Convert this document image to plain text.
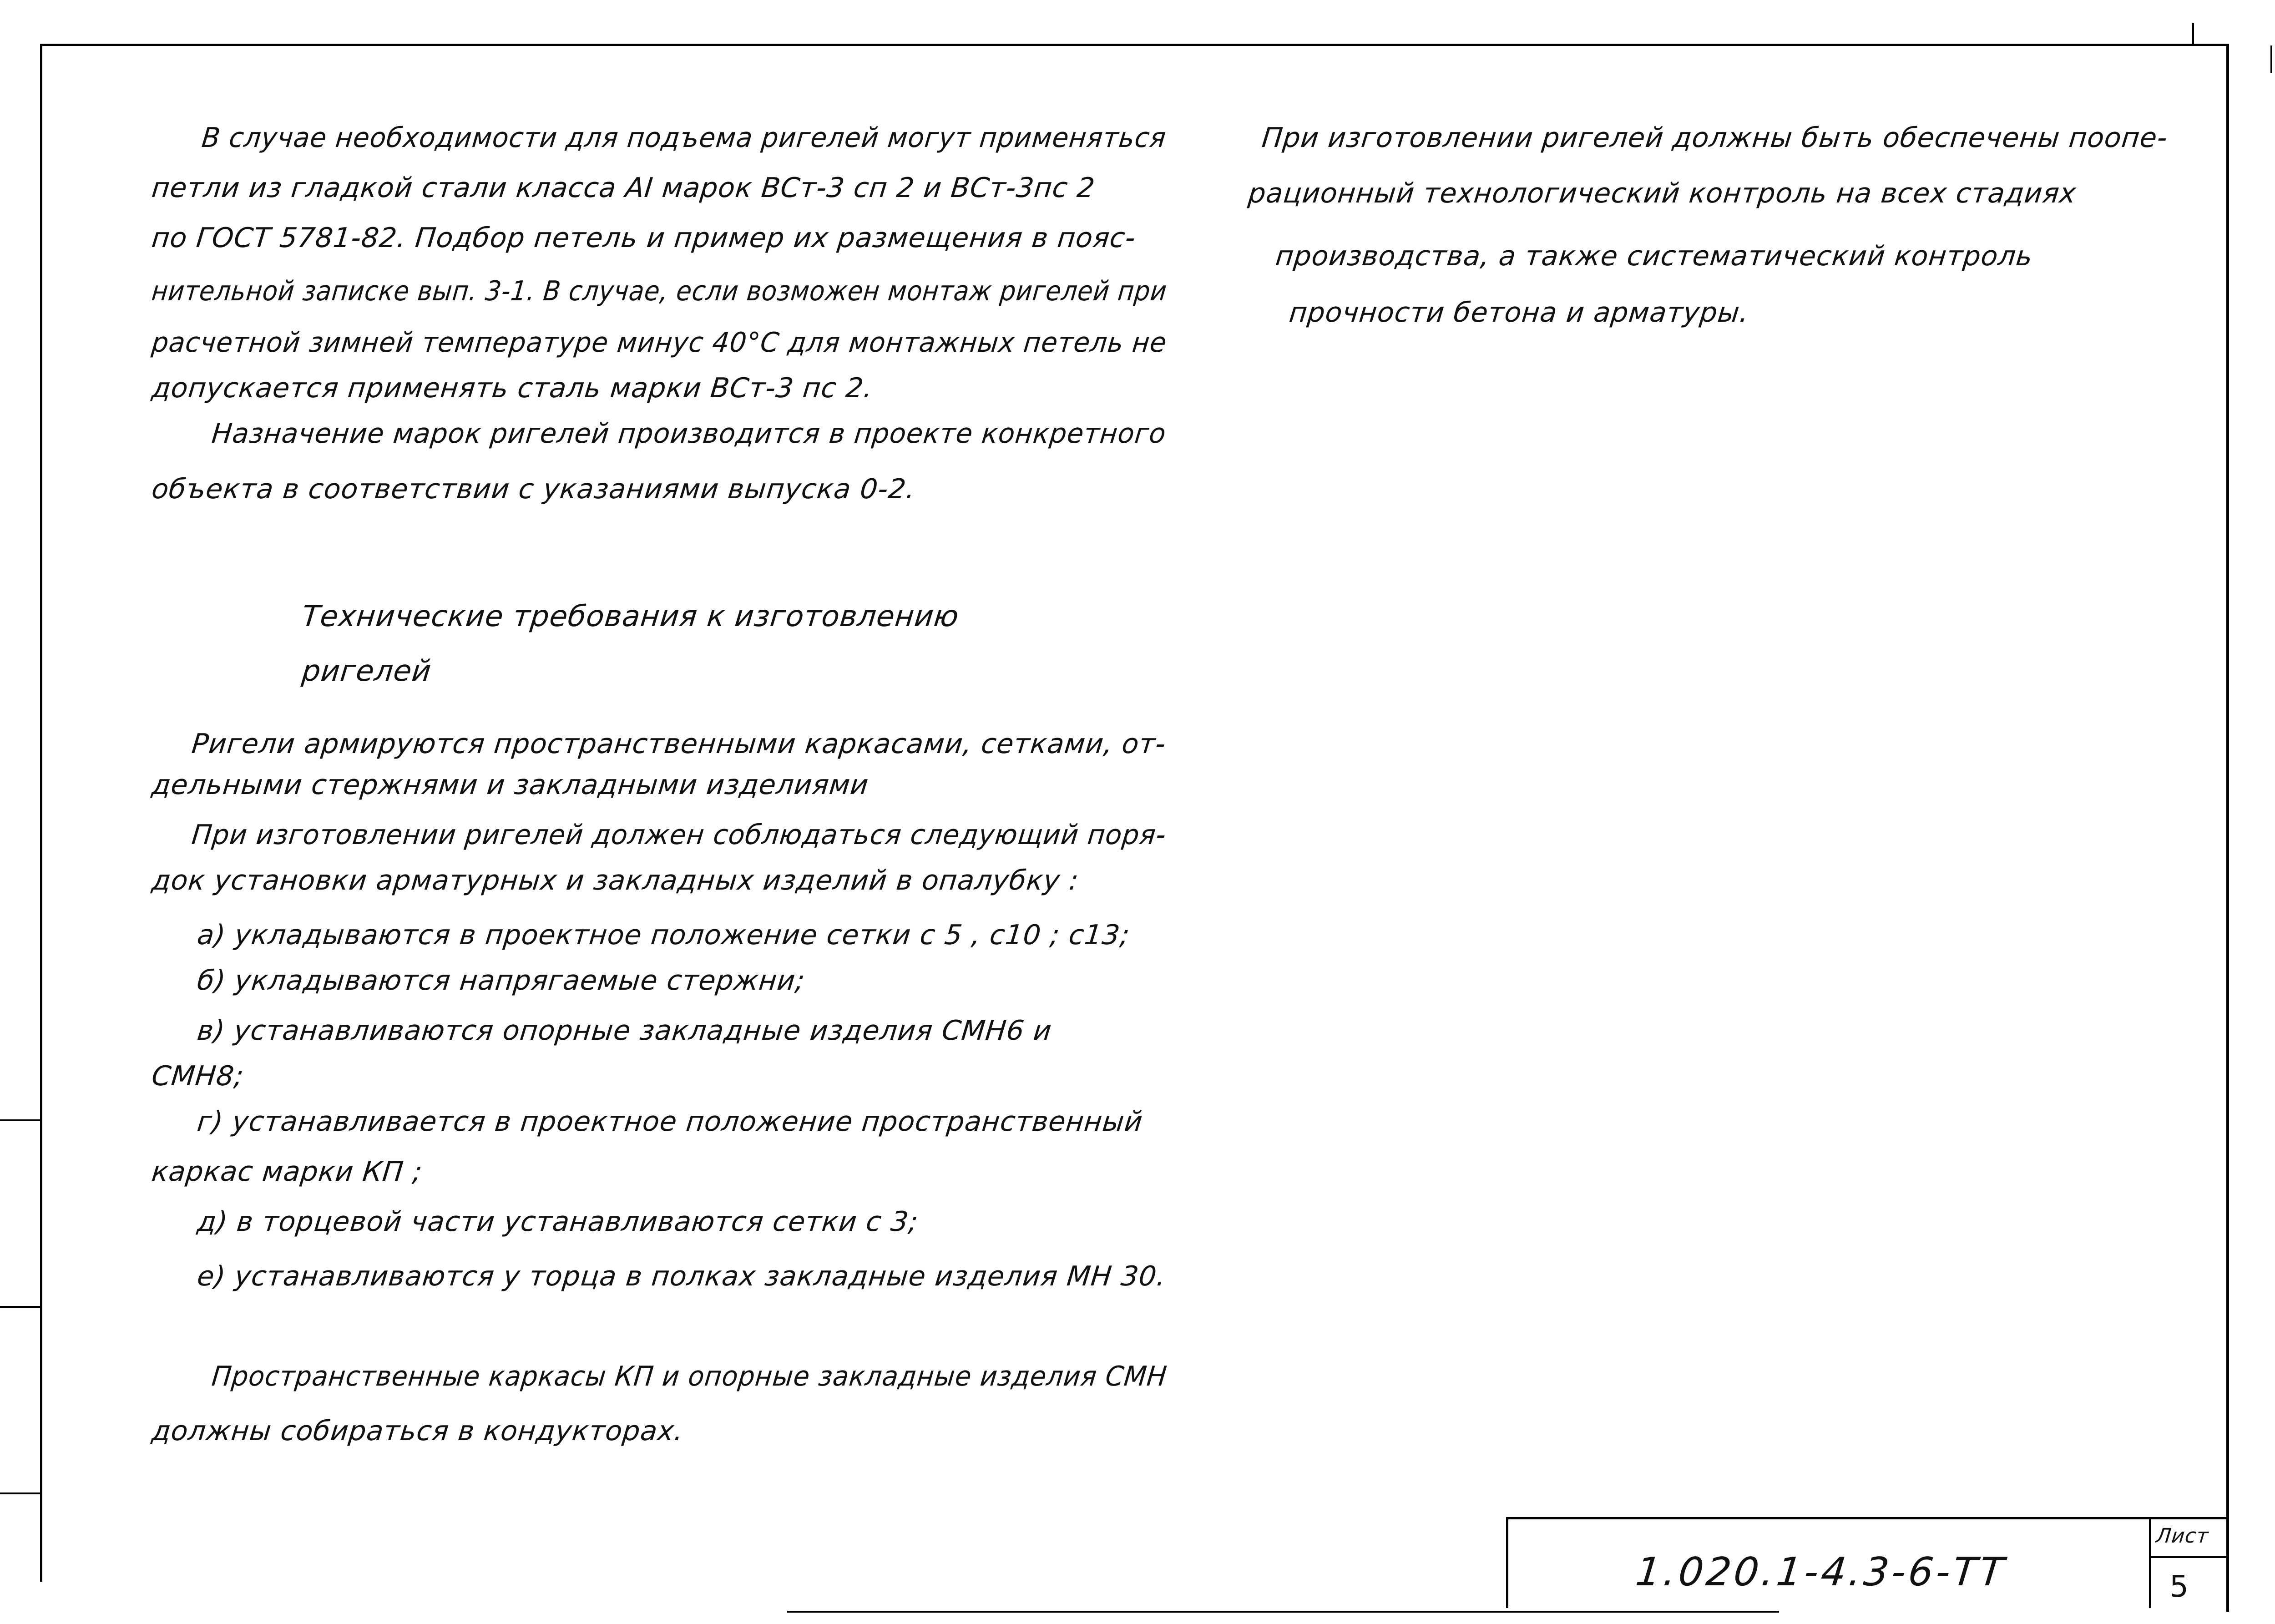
1.020.1-4.3-6-ТТ
Лист
5
В случае необходимости для подъема ригелей могут применяться
петли из гладкой стали класса АI марок ВСт-3 сп 2 и ВСт-3пс 2
по ГОСТ 5781-82. Подбор петель и пример их размещения в пояс-
нительной записке вып. 3-1. В случае, если возможен монтаж ригелей при
расчетной зимней температуре минус 40°С для монтажных петель не
допускается применять сталь марки ВСт-3 пс 2.
Назначение марок ригелей производится в проекте конкретного
объекта в соответствии с указаниями выпуска 0-2.
Технические требования к изготовлению
ригелей
Ригели армируются пространственными каркасами, сетками, от-
дельными стержнями и закладными изделиями
При изготовлении ригелей должен соблюдаться следующий поря-
док установки арматурных и закладных изделий в опалубку :
а) укладываются в проектное положение сетки с 5 , с10 ; с13;
б) укладываются напрягаемые стержни;
в) устанавливаются опорные закладные изделия СМН6 и
СМН8;
г) устанавливается в проектное положение пространственный
каркас марки КП ;
д) в торцевой части устанавливаются сетки с 3;
е) устанавливаются у торца в полках закладные изделия МН 30.
Пространственные каркасы КП и опорные закладные изделия СМН
должны собираться в кондукторах.
При изготовлении ригелей должны быть обеспечены поопе-
рационный технологический контроль на всех стадиях
производства, а также систематический контроль
прочности бетона и арматуры.
